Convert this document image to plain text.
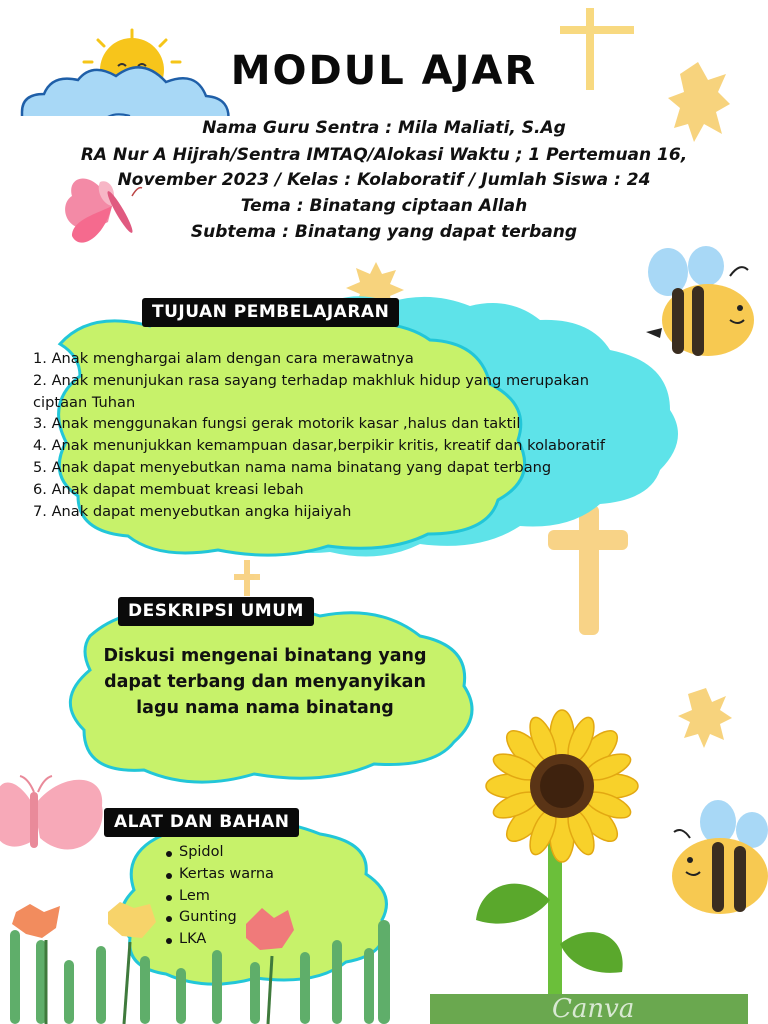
MODUL AJAR
Nama Guru Sentra : Mila Maliati, S.Ag
RA Nur A Hijrah/Sentra IMTAQ/Alokasi Waktu ; 1 Pertemuan 16,
November 2023 / Kelas : Kolaboratif / Jumlah Siswa : 24
Tema : Binatang ciptaan Allah
Subtema : Binatang yang dapat terbang
TUJUAN PEMBELAJARAN
1. Anak menghargai alam dengan cara merawatnya
2. Anak menunjukan rasa sayang terhadap makhluk hidup yang merupakan
ciptaan Tuhan
3. Anak menggunakan fungsi gerak motorik kasar ,halus dan taktil
4. Anak menunjukkan kemampuan dasar,berpikir kritis, kreatif dan kolaboratif
5. Anak dapat menyebutkan nama nama binatang yang dapat terbang
6. Anak dapat membuat kreasi lebah
7. Anak dapat menyebutkan angka hijaiyah
DESKRIPSI UMUM
Diskusi mengenai binatang yang
dapat terbang dan menyanyikan
lagu nama nama binatang
ALAT DAN BAHAN
Spidol
Kertas warna
Lem
Gunting
LKA
Canva
